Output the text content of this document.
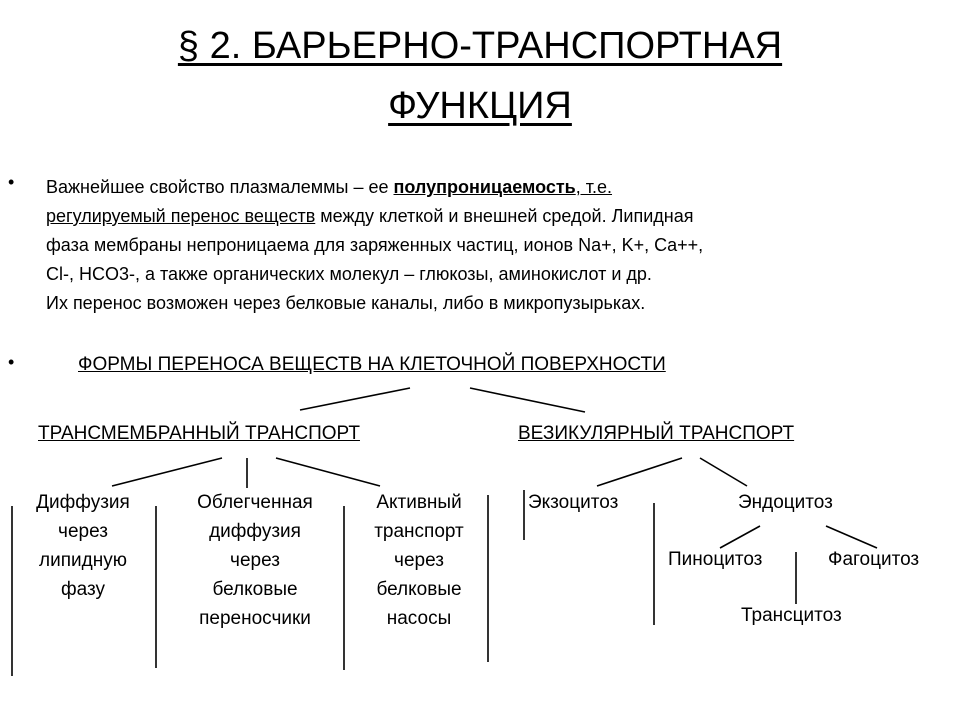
§ 2. БАРЬЕРНО-ТРАНСПОРТНАЯ
ФУНКЦИЯ
• Важнейшее свойство плазмалеммы – ее полупроницаемость, т.е.
регулируемый перенос веществ между клеткой и внешней средой. Липидная
фаза мембраны непроницаема для заряженных частиц, ионов Na+, K+, Ca++,
Cl-, HCO3-, а также органических молекул – глюкозы, аминокислот и др.
Их перенос возможен через белковые каналы, либо в микропузырьках.
•	ФОРМЫ ПЕРЕНОСА ВЕЩЕСТВ НА КЛЕТОЧНОЙ ПОВЕРХНОСТИ
ТРАНСМЕМБРАННЫЙ ТРАНСПОРТ	ВЕЗИКУЛЯРНЫЙ ТРАНСПОРТ
Диффузия
через
липидную
фазу
Облегченная
диффузия
через
белковые
переносчики
Активный
транспорт
через
белковые
насосы
Экзоцитоз	Эндоцитоз
Пиноцитоз	Фагоцитоз
Трансцитоз
